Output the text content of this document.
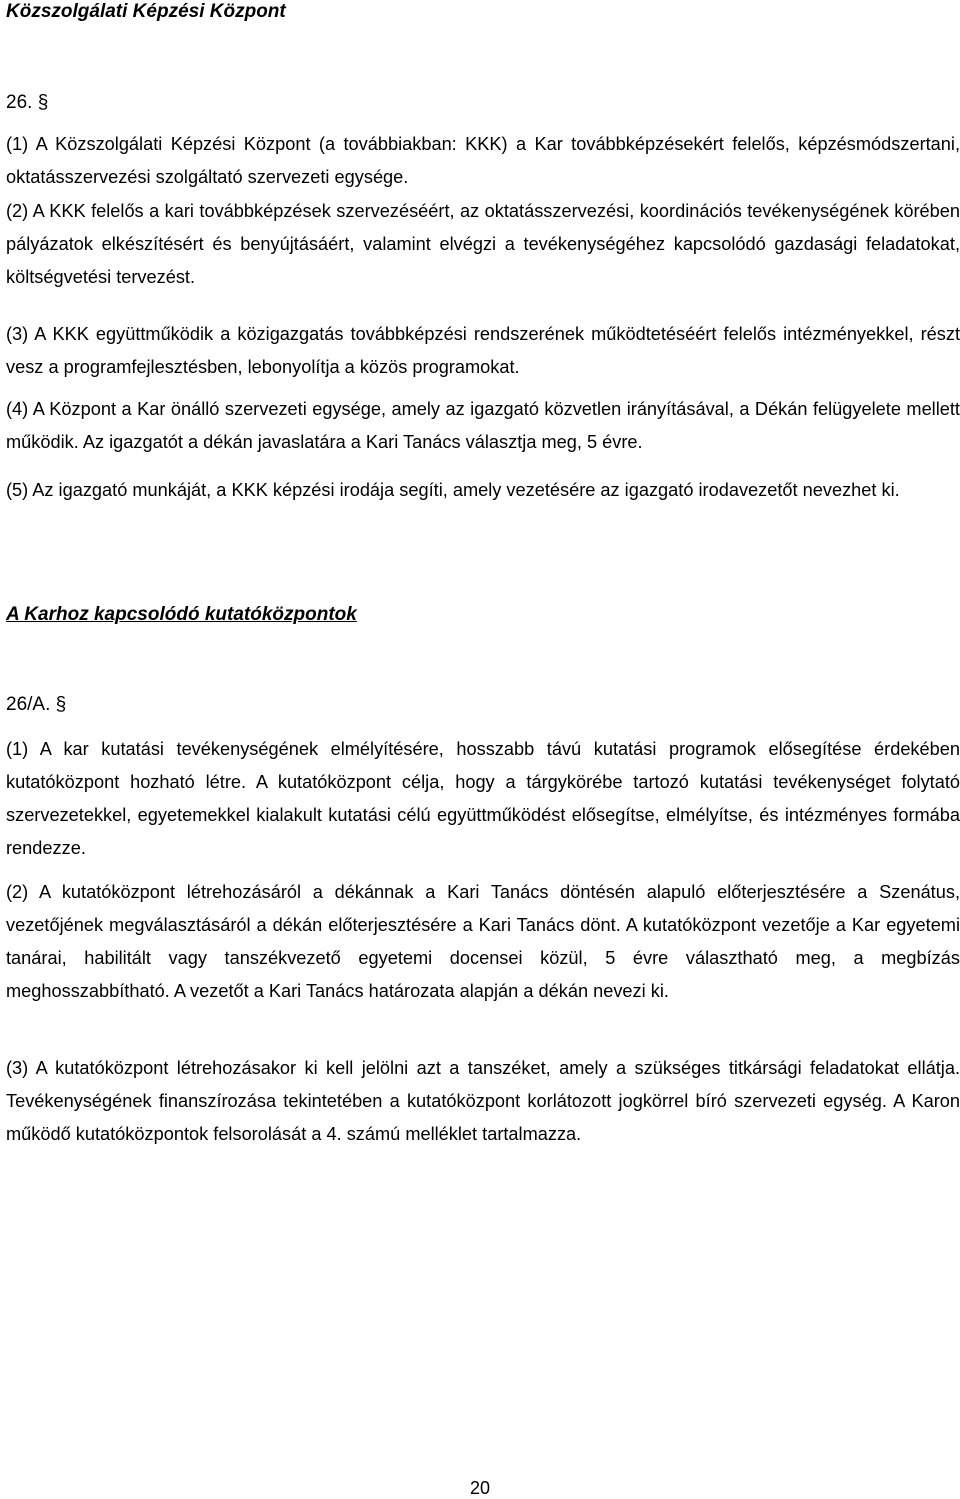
Közszolgálati Képzési Központ
26. §
(1) A Közszolgálati Képzési Központ (a továbbiakban: KKK) a Kar továbbképzésekért felelős, képzésmódszertani, oktatásszervezési szolgáltató szervezeti egysége.
(2) A KKK felelős a kari továbbképzések szervezéséért, az oktatásszervezési, koordinációs tevékenységének körében pályázatok elkészítésért és benyújtásáért, valamint elvégzi a tevékenységéhez kapcsolódó gazdasági feladatokat, költségvetési tervezést.
(3) A KKK együttműködik a közigazgatás továbbképzési rendszerének működtetéséért felelős intézményekkel, részt vesz a programfejlesztésben, lebonyolítja a közös programokat.
(4) A Központ a Kar önálló szervezeti egysége, amely az igazgató közvetlen irányításával, a Dékán felügyelete mellett működik. Az igazgatót a dékán javaslatára a Kari Tanács választja meg, 5 évre.
(5) Az igazgató munkáját, a KKK képzési irodája segíti, amely vezetésére az igazgató irodavezetőt nevezhet ki.
A Karhoz kapcsolódó kutatóközpontok
26/A. §
(1) A kar kutatási tevékenységének elmélyítésére, hosszabb távú kutatási programok elősegítése érdekében kutatóközpont hozható létre. A kutatóközpont célja, hogy a tárgykörébe tartozó kutatási tevékenységet folytató szervezetekkel, egyetemekkel kialakult kutatási célú együttműködést elősegítse, elmélyítse, és intézményes formába rendezze.
(2) A kutatóközpont létrehozásáról a dékánnak a Kari Tanács döntésén alapuló előterjesztésére a Szenátus, vezetőjének megválasztásáról a dékán előterjesztésére a Kari Tanács dönt. A kutatóközpont vezetője a Kar egyetemi tanárai, habilitált vagy tanszékvezető egyetemi docensei közül, 5 évre választható meg, a megbízás meghosszabbítható. A vezetőt a Kari Tanács határozata alapján a dékán nevezi ki.
(3) A kutatóközpont létrehozásakor ki kell jelölni azt a tanszéket, amely a szükséges titkársági feladatokat ellátja. Tevékenységének finanszírozása tekintetében a kutatóközpont korlátozott jogkörrel bíró szervezeti egység. A Karon működő kutatóközpontok felsorolását a 4. számú melléklet tartalmazza.
20
